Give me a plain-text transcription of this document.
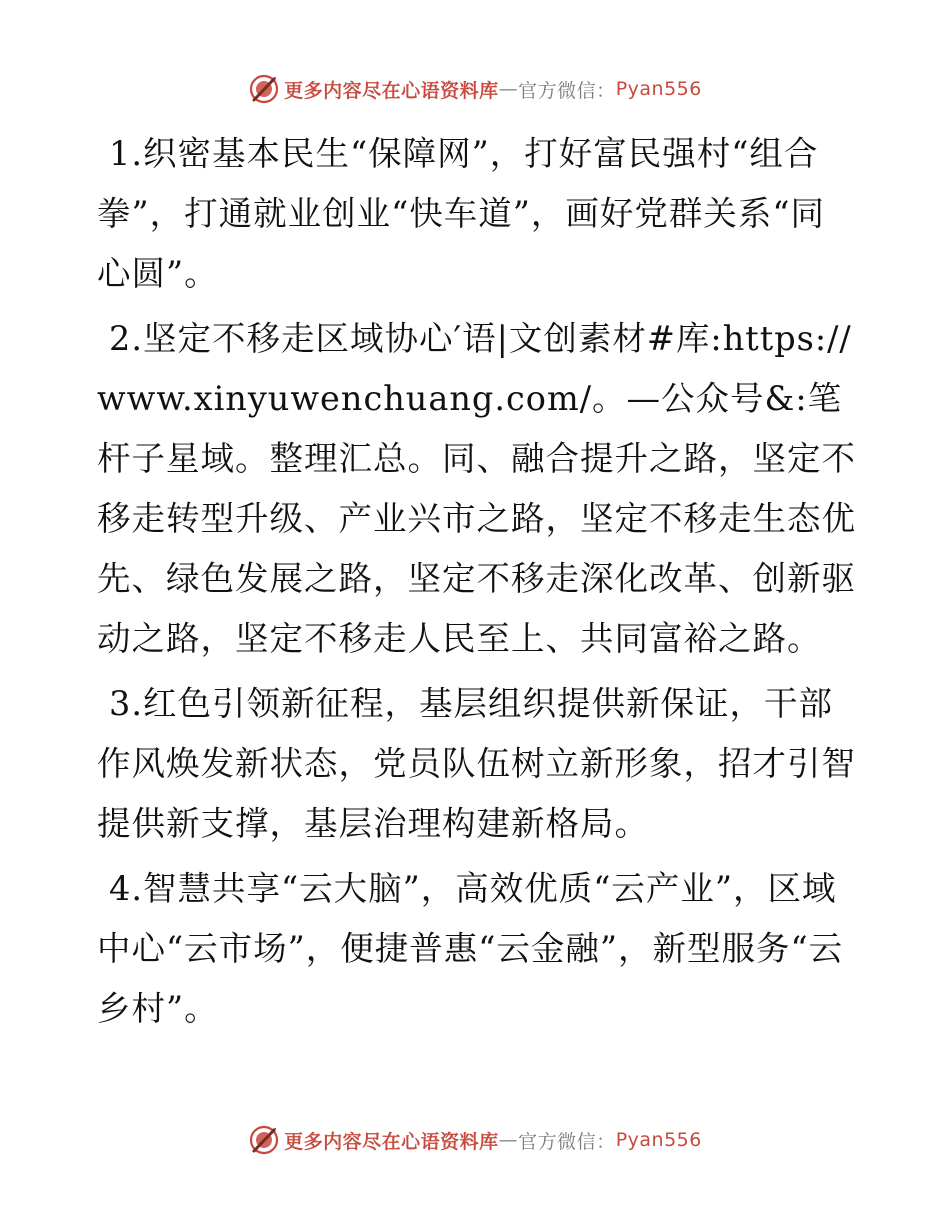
更多内容尽在心语资料库 — 官方微信： Pyan556

1.织密基本民生“保障网”，打好富民强村“组合拳”，打通就业创业“快车道”，画好党群关系“同心圆”。

2.坚定不移走区域协心′语|文创素材#库:https://www.xinyuwenchuang.com/。—公众号&:笔杆子星域。整理汇总。同、融合提升之路，坚定不移走转型升级、产业兴市之路，坚定不移走生态优先、绿色发展之路，坚定不移走深化改革、创新驱动之路，坚定不移走人民至上、共同富裕之路。

3.红色引领新征程，基层组织提供新保证，干部作风焕发新状态，党员队伍树立新形象，招才引智提供新支撑，基层治理构建新格局。

4.智慧共享“云大脑”，高效优质“云产业”，区域中心“云市场”，便捷普惠“云金融”，新型服务“云乡村”。

更多内容尽在心语资料库 — 官方微信： Pyan556
